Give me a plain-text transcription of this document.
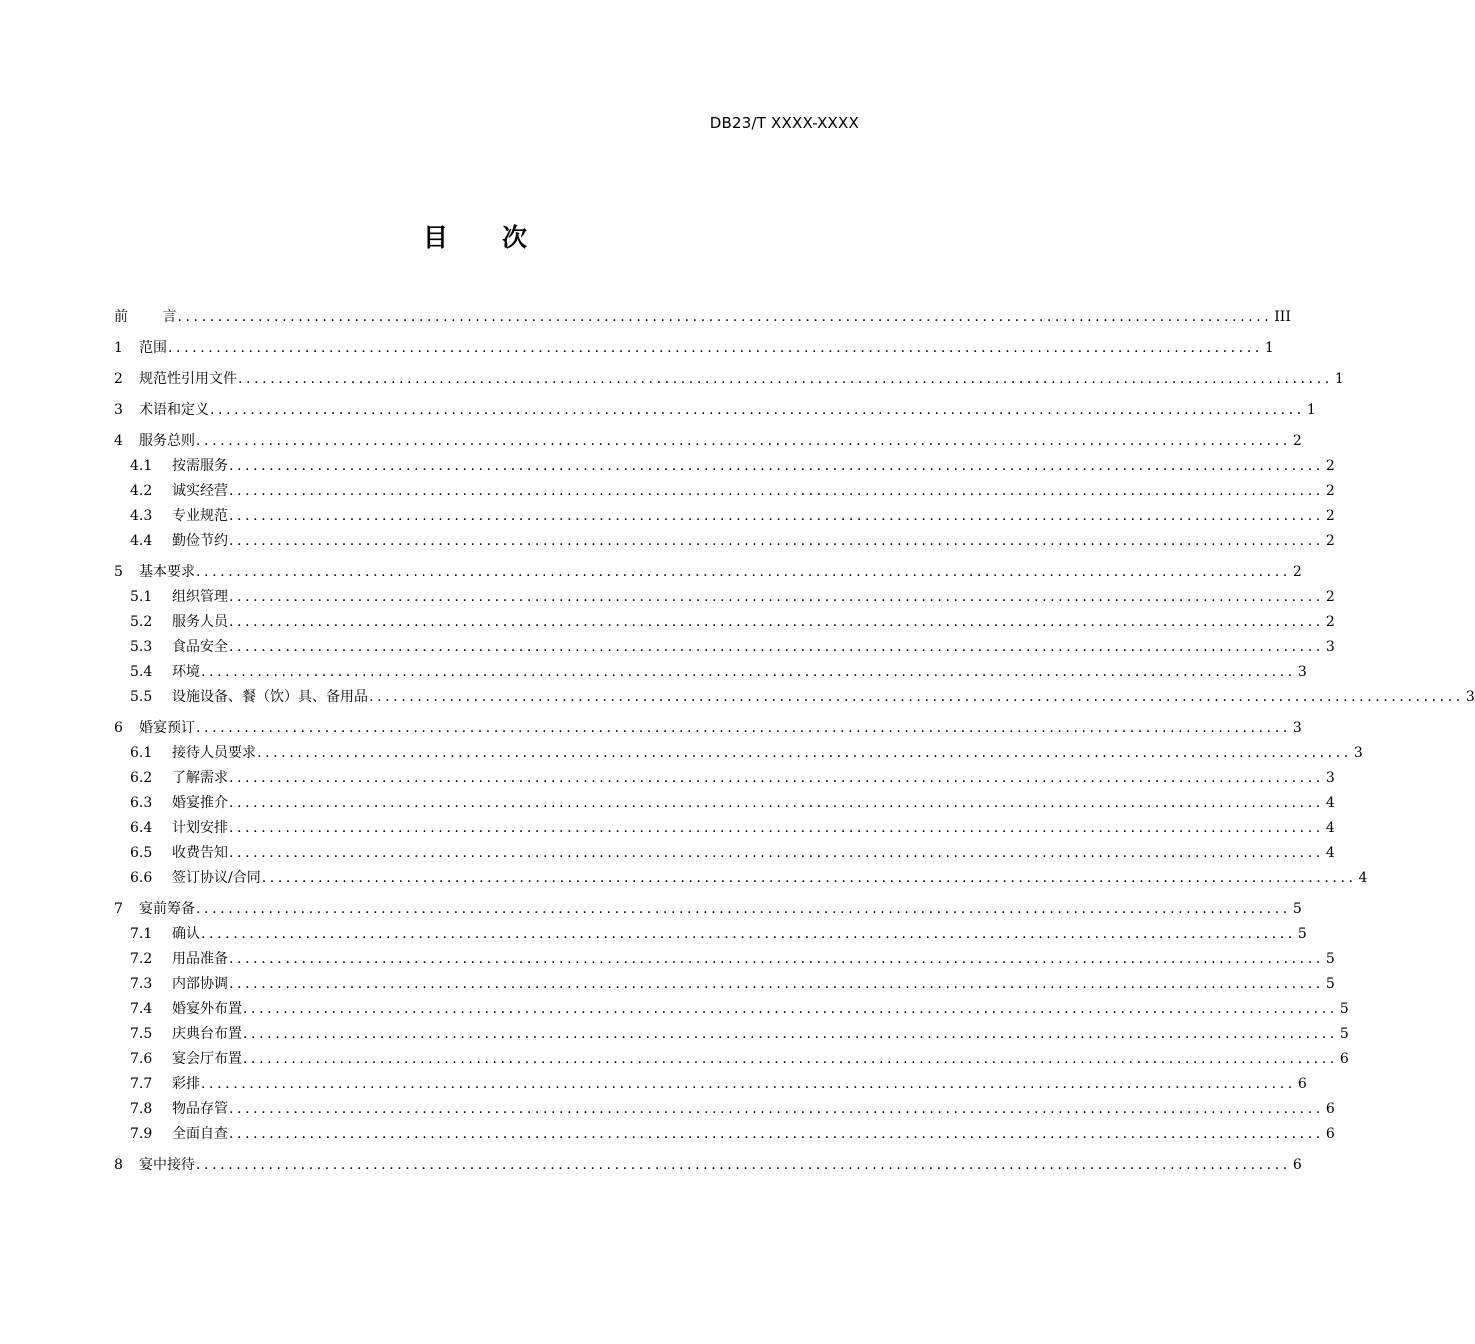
DB23/T XXXX-XXXX
目 次
前 言 ........................................................................................................................................ III
1	范围 ........................................................................................................................................ 1
2	规范性引用文件 ........................................................................................................................................ 1
3	术语和定义 ........................................................................................................................................ 1
4	服务总则 ........................................................................................................................................ 2
4.1	按需服务 ........................................................................................................................................ 2
4.2	诚实经营 ........................................................................................................................................ 2
4.3	专业规范 ........................................................................................................................................ 2
4.4	勤俭节约 ........................................................................................................................................ 2
5	基本要求 ........................................................................................................................................ 2
5.1	组织管理 ........................................................................................................................................ 2
5.2	服务人员 ........................................................................................................................................ 2
5.3	食品安全 ........................................................................................................................................ 3
5.4	环境 ........................................................................................................................................ 3
5.5	设施设备、餐（饮）具、备用品 ........................................................................................................................................ 3
6	婚宴预订 ........................................................................................................................................ 3
6.1	接待人员要求 ........................................................................................................................................ 3
6.2	了解需求 ........................................................................................................................................ 3
6.3	婚宴推介 ........................................................................................................................................ 4
6.4	计划安排 ........................................................................................................................................ 4
6.5	收费告知 ........................................................................................................................................ 4
6.6	签订协议/合同 ........................................................................................................................................ 4
7	宴前筹备 ........................................................................................................................................ 5
7.1	确认 ........................................................................................................................................ 5
7.2	用品准备 ........................................................................................................................................ 5
7.3	内部协调 ........................................................................................................................................ 5
7.4	婚宴外布置 ........................................................................................................................................ 5
7.5	庆典台布置 ........................................................................................................................................ 5
7.6	宴会厅布置 ........................................................................................................................................ 6
7.7	彩排 ........................................................................................................................................ 6
7.8	物品存管 ........................................................................................................................................ 6
7.9	全面自查 ........................................................................................................................................ 6
8	宴中接待 ........................................................................................................................................ 6
